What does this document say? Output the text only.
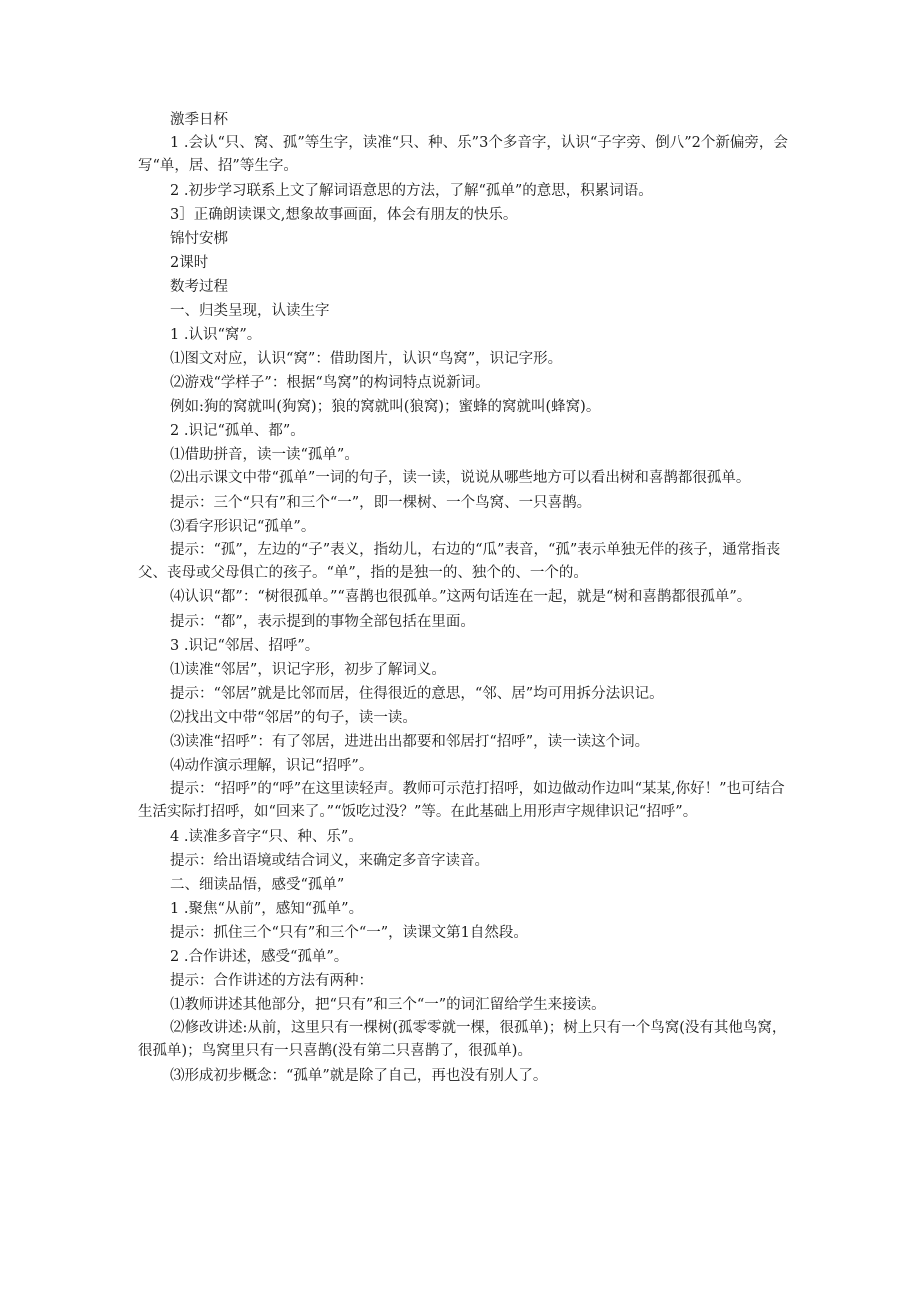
激季日杯

1 .会认“只、窝、孤”等生字，读准“只、种、乐”3个多音字，认识“子字旁、倒八”2个新偏旁，会写“单，居、招”等生字。

2 .初步学习联系上文了解词语意思的方法，了解“孤单”的意思，积累词语。

3］正确朗读课文,想象故事画面，体会有朋友的快乐。

锦忖安梆

2课时

数考过程

一、归类呈现，认读生字

1 .认识“窝”。

⑴图文对应，认识“窝”：借助图片，认识“鸟窝”，识记字形。

⑵游戏“学样子”：根据“鸟窝”的构词特点说新词。

例如:狗的窝就叫(狗窝)；狼的窝就叫(狼窝)；蜜蜂的窝就叫(蜂窝)。

2 .识记“孤单、都”。

⑴借助拼音，读一读“孤单”。

⑵出示课文中带“孤单”一词的句子，读一读，说说从哪些地方可以看出树和喜鹊都很孤单。

提示：三个“只有”和三个“一”，即一棵树、一个鸟窝、一只喜鹊。

⑶看字形识记“孤单”。

提示：“孤”，左边的“子”表义，指幼儿，右边的“瓜”表音，“孤”表示单独无伴的孩子，通常指丧父、丧母或父母俱亡的孩子。“单”，指的是独一的、独个的、一个的。

⑷认识“都”：“树很孤单。”“喜鹊也很孤单。”这两句话连在一起，就是“树和喜鹊都很孤单”。

提示：“都”，表示提到的事物全部包括在里面。

3 .识记“邻居、招呼”。

⑴读准“邻居”，识记字形，初步了解词义。

提示：“邻居”就是比邻而居，住得很近的意思，“邻、居”均可用拆分法识记。

⑵找出文中带“邻居”的句子，读一读。

⑶读准“招呼”：有了邻居，进进出出都要和邻居打“招呼”，读一读这个词。

⑷动作演示理解，识记“招呼”。

提示：“招呼”的“呼”在这里读轻声。教师可示范打招呼，如边做动作边叫“某某,你好！”也可结合生活实际打招呼，如“回来了。”“饭吃过没？”等。在此基础上用形声字规律识记“招呼”。

4 .读准多音字“只、种、乐”。

提示：给出语境或结合词义，来确定多音字读音。

二、细读品悟，感受“孤单”

1 .聚焦“从前”，感知“孤单”。

提示：抓住三个“只有”和三个“一”，读课文第1自然段。

2 .合作讲述，感受“孤单”。

提示：合作讲述的方法有两种：

⑴教师讲述其他部分，把“只有”和三个“一”的词汇留给学生来接读。

⑵修改讲述:从前，这里只有一棵树(孤零零就一棵，很孤单)；树上只有一个鸟窝(没有其他鸟窝，很孤单)；鸟窝里只有一只喜鹊(没有第二只喜鹊了，很孤单)。

⑶形成初步概念：“孤单”就是除了自己，再也没有别人了。
